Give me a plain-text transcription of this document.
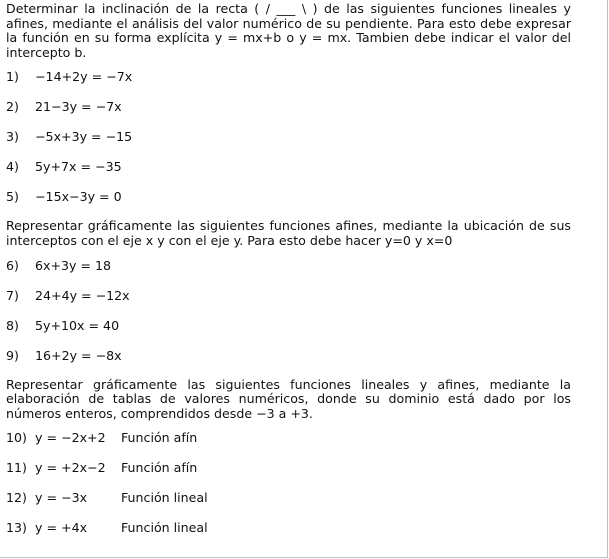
Determinar la inclinación de la recta ( / ___ \ ) de las siguientes funciones lineales y afines, mediante el análisis del valor numérico de su pendiente. Para esto debe expresar la función en su forma explícita y = mx+b o y = mx. Tambien debe indicar el valor del intercepto b.

1) −14+2y = −7x
2) 21−3y = −7x
3) −5x+3y = −15
4) 5y+7x = −35
5) −15x−3y = 0

Representar gráficamente las siguientes funciones afines, mediante la ubicación de sus interceptos con el eje x y con el eje y. Para esto debe hacer y=0 y x=0

6) 6x+3y = 18
7) 24+4y = −12x
8) 5y+10x = 40
9) 16+2y = −8x

Representar gráficamente las siguientes funciones lineales y afines, mediante la elaboración de tablas de valores numéricos, donde su dominio está dado por los números enteros, comprendidos desde −3 a +3.

10) y = −2x+2 Función afín
11) y = +2x−2 Función afín
12) y = −3x	Función lineal
13) y = +4x	Función lineal
